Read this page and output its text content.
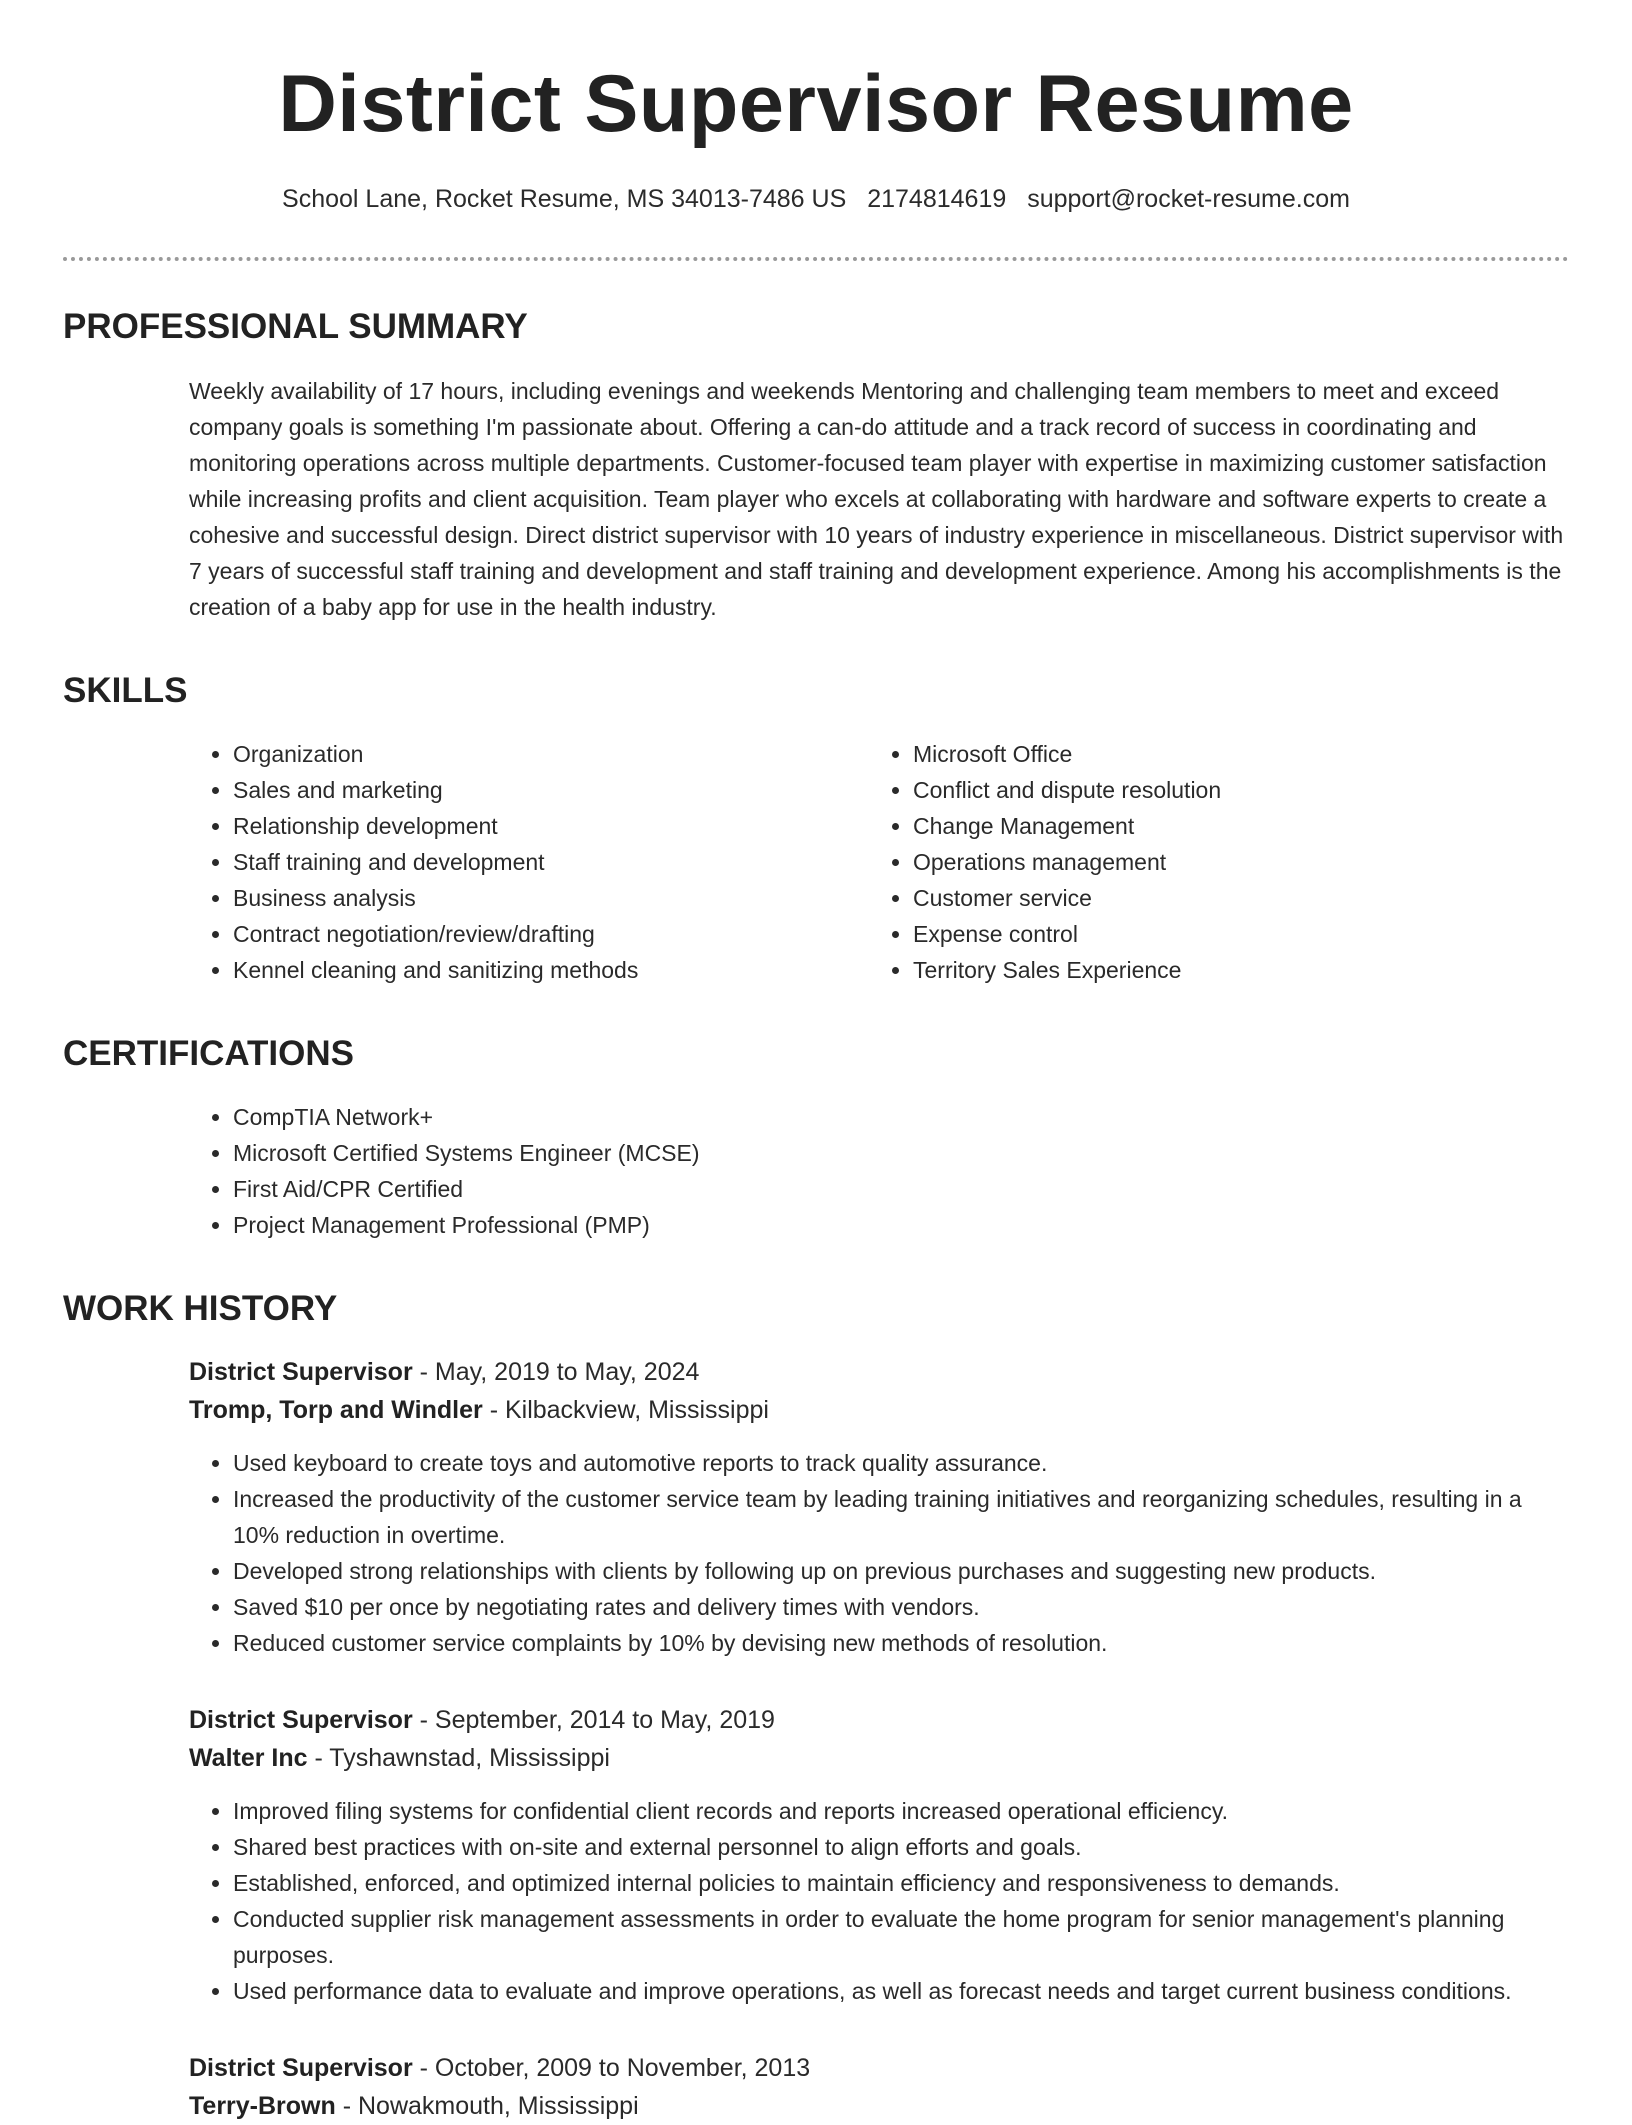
District Supervisor Resume
School Lane, Rocket Resume, MS 34013-7486 US 2174814619 support@rocket-resume.com
PROFESSIONAL SUMMARY
Weekly availability of 17 hours, including evenings and weekends Mentoring and challenging team members to meet and exceed company goals is something I'm passionate about. Offering a can-do attitude and a track record of success in coordinating and monitoring operations across multiple departments. Customer-focused team player with expertise in maximizing customer satisfaction while increasing profits and client acquisition. Team player who excels at collaborating with hardware and software experts to create a cohesive and successful design. Direct district supervisor with 10 years of industry experience in miscellaneous. District supervisor with 7 years of successful staff training and development and staff training and development experience. Among his accomplishments is the creation of a baby app for use in the health industry.
SKILLS
• Organization
• Sales and marketing
• Relationship development
• Staff training and development
• Business analysis
• Contract negotiation/review/drafting
• Kennel cleaning and sanitizing methods
• Microsoft Office
• Conflict and dispute resolution
• Change Management
• Operations management
• Customer service
• Expense control
• Territory Sales Experience
CERTIFICATIONS
• CompTIA Network+
• Microsoft Certified Systems Engineer (MCSE)
• First Aid/CPR Certified
• Project Management Professional (PMP)
WORK HISTORY
District Supervisor - May, 2019 to May, 2024
Tromp, Torp and Windler - Kilbackview, Mississippi
• Used keyboard to create toys and automotive reports to track quality assurance.
• Increased the productivity of the customer service team by leading training initiatives and reorganizing schedules, resulting in a 10% reduction in overtime.
• Developed strong relationships with clients by following up on previous purchases and suggesting new products.
• Saved $10 per once by negotiating rates and delivery times with vendors.
• Reduced customer service complaints by 10% by devising new methods of resolution.
District Supervisor - September, 2014 to May, 2019
Walter Inc - Tyshawnstad, Mississippi
• Improved filing systems for confidential client records and reports increased operational efficiency.
• Shared best practices with on-site and external personnel to align efforts and goals.
• Established, enforced, and optimized internal policies to maintain efficiency and responsiveness to demands.
• Conducted supplier risk management assessments in order to evaluate the home program for senior management's planning purposes.
• Used performance data to evaluate and improve operations, as well as forecast needs and target current business conditions.
District Supervisor - October, 2009 to November, 2013
Terry-Brown - Nowakmouth, Mississippi
